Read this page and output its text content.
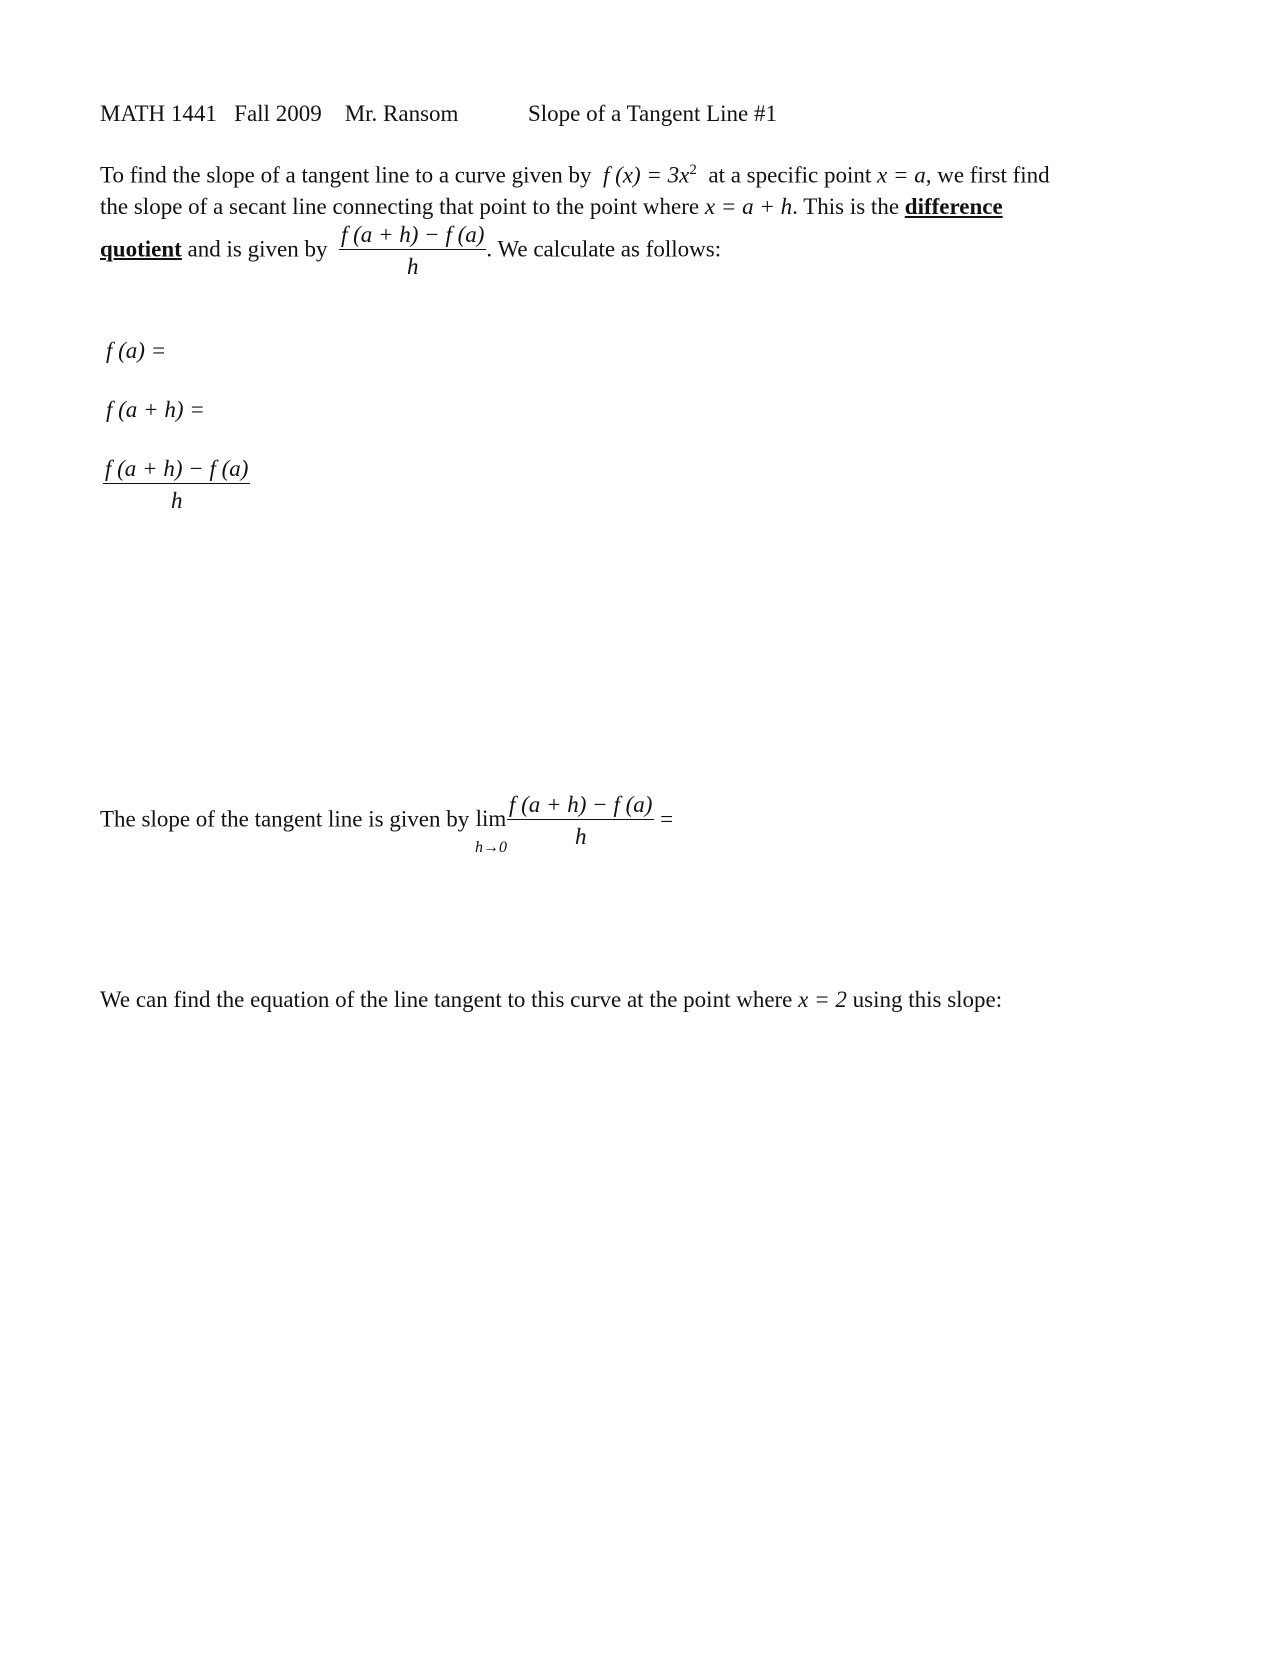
MATH 1441 Fall 2009 Mr. Ransom	Slope of a Tangent Line #1
To find the slope of a tangent line to a curve given by f $(x) = 3x^2$ at a specific point x = a, we first find
the slope of a secant line connecting that point to the point where x = a + h. This is the difference
quotient and is given by $\frac{f (a + h) - f (a)}{h}$ . We calculate as follows:
f (a) =
f (a + h) =
$\frac{f (a + h) - f (a)}{h}$
The slope of the tangent line is given by lim
$h\to 0 \frac{f (a + h) - f (a)}{h}$ =
We can find the equation of the line tangent to this curve at the point where x = 2 using this slope:
